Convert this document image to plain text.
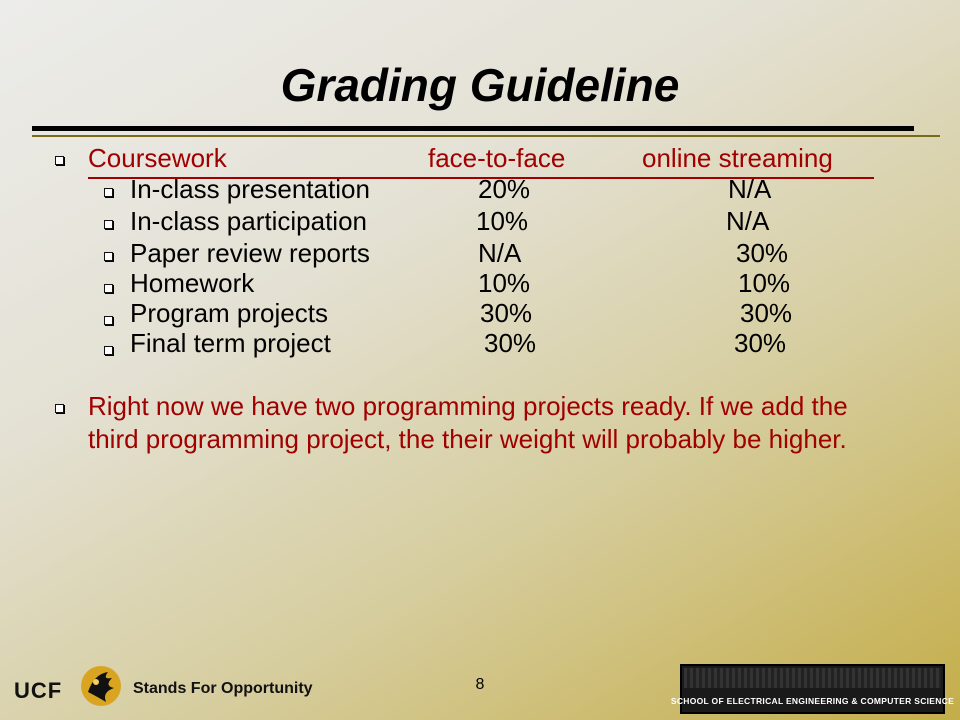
Grading Guideline
Coursework	face-to-face	online streaming
In-class presentation	20%	N/A
In-class participation	10%	N/A
Paper review reports	N/A	30%
Homework	10%	10%
Program projects	30%	30%
Final term project	30%	30%
Right now we have two programming projects ready. If we add the third programming project, the their weight will probably be higher.
8
UCF	Stands For Opportunity
SCHOOL OF ELECTRICAL ENGINEERING & COMPUTER SCIENCE
